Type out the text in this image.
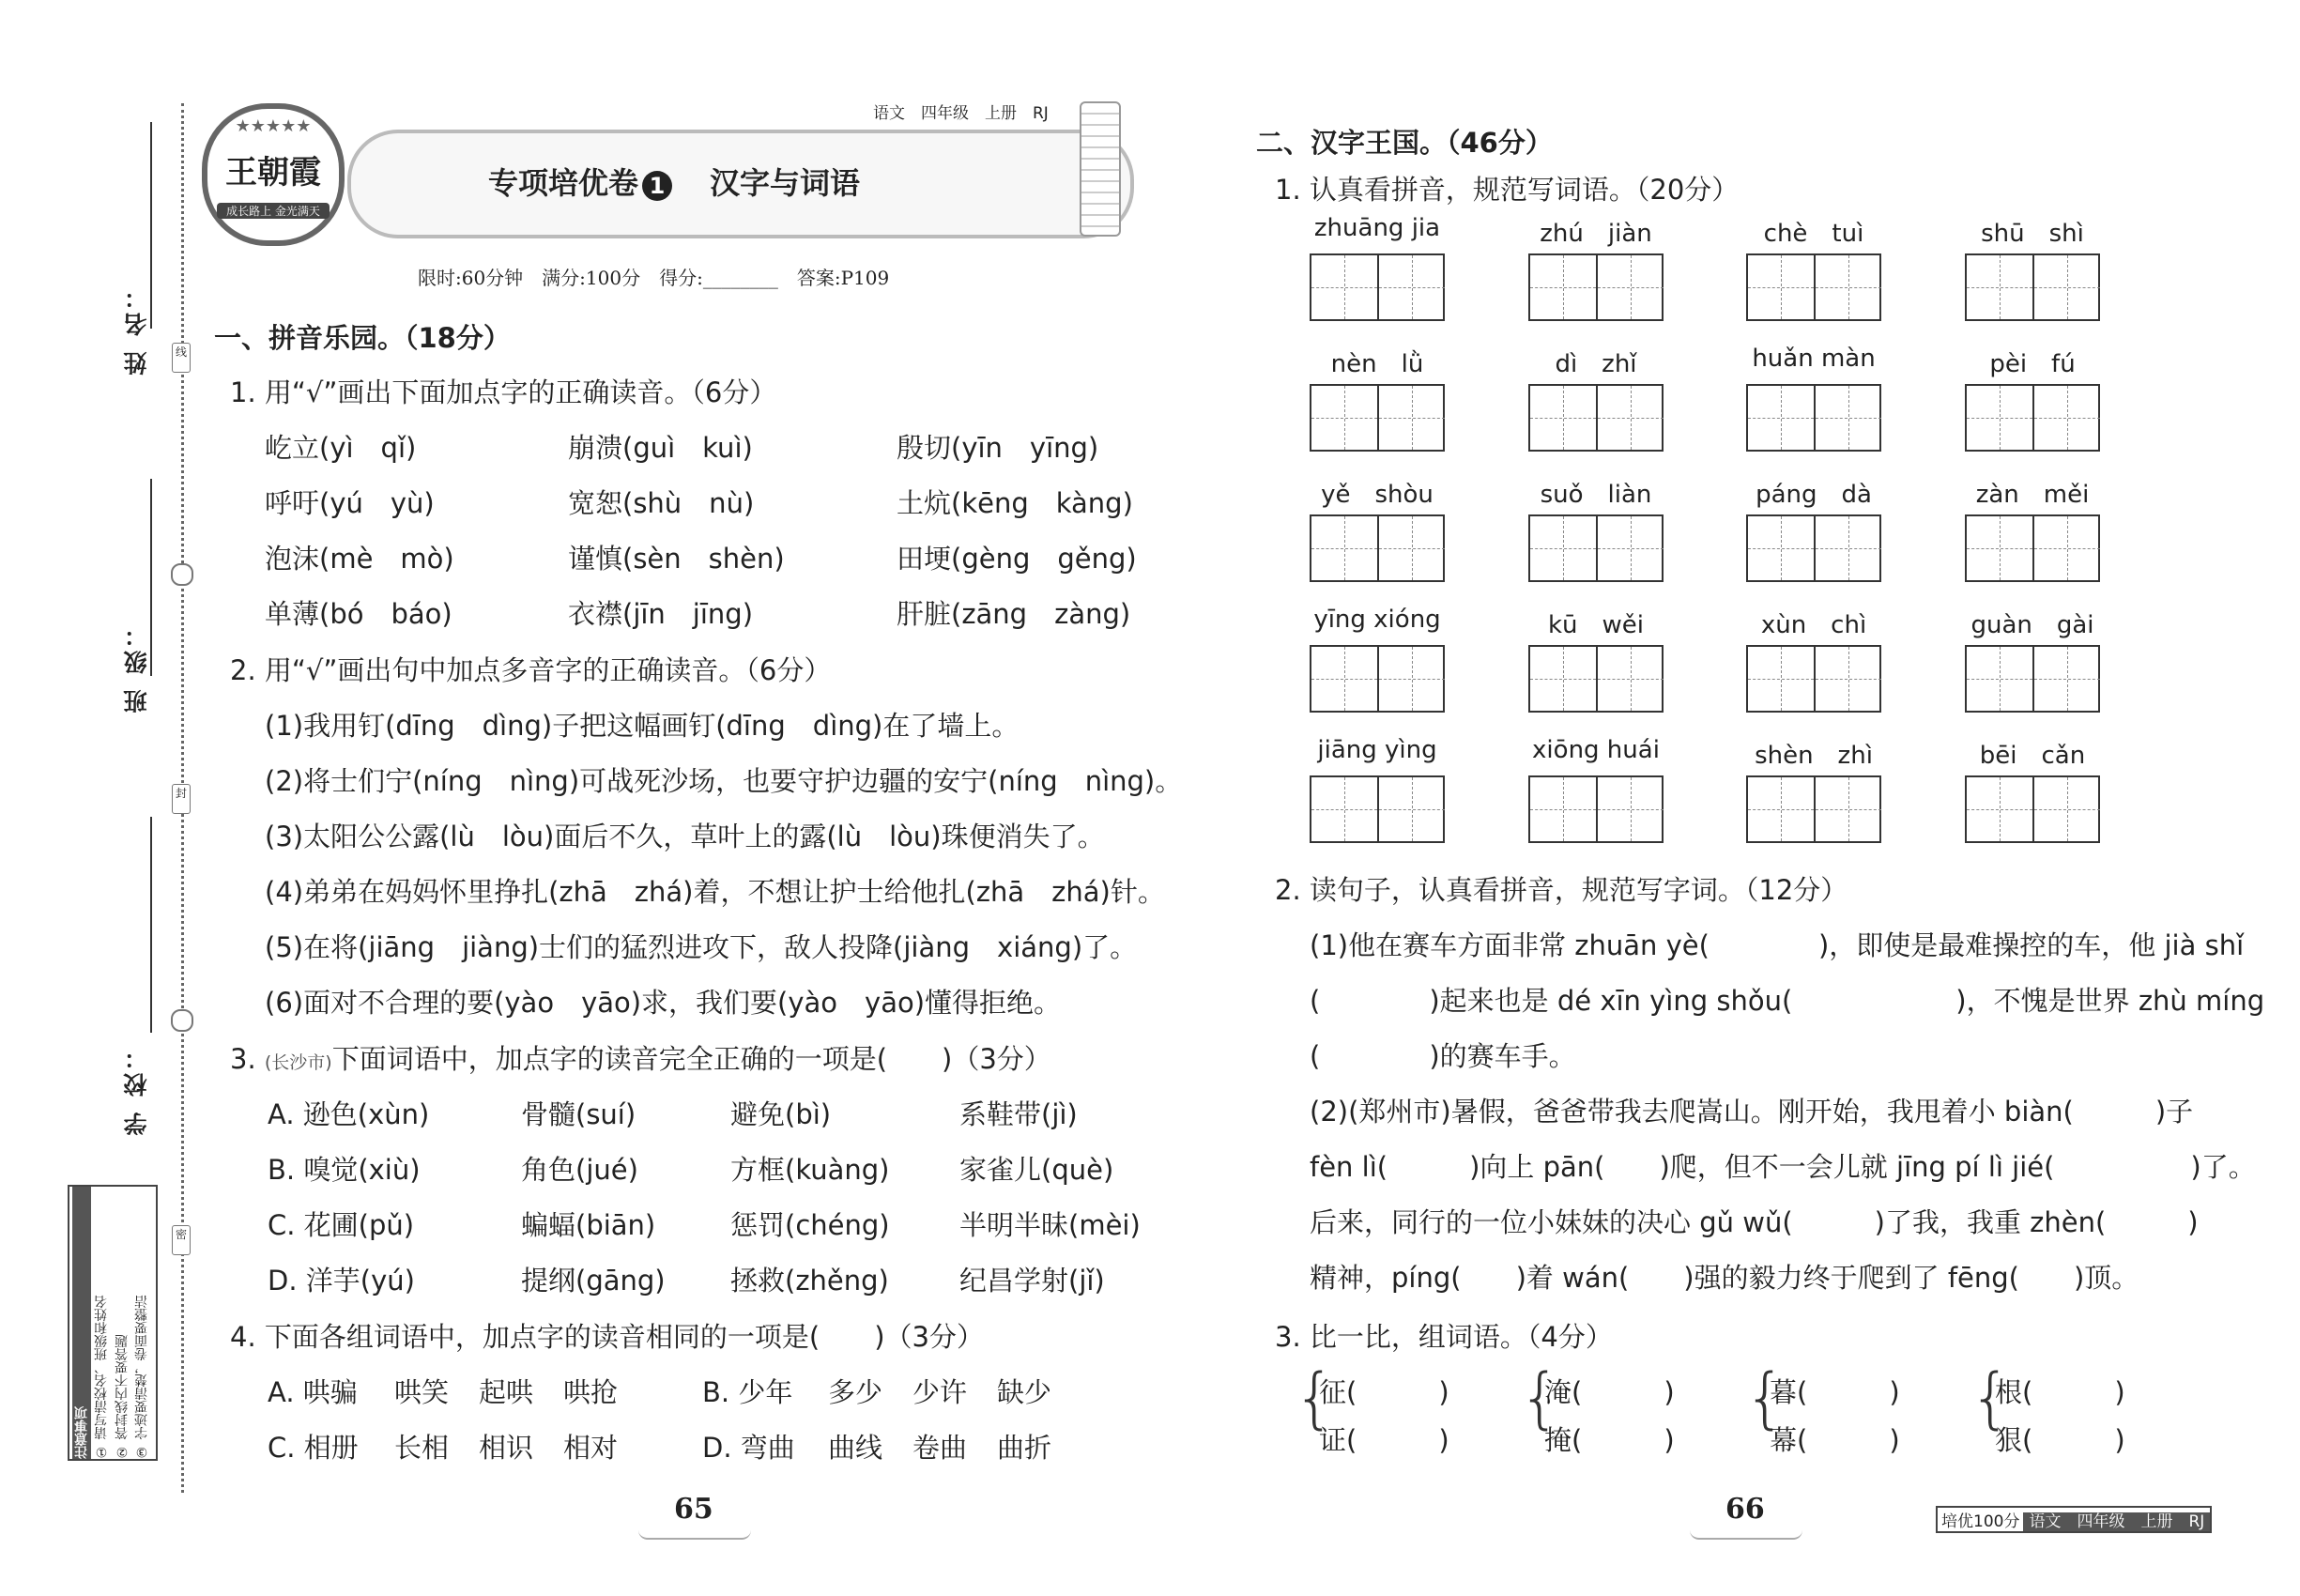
姓 名：
班 级：
学 校：
线
封
密
③ 字迹要清楚，卷面要整洁
② 答封线内不要答题
① 请写清校名、班级和姓名
注意事项
★★★★★
王朝霞
成长路上 金光满天
语文　四年级　上册　RJ
专项培优卷 1 汉字与词语
限时:60分钟　满分:100分　得分:________　答案:P109
一、拼音乐园。（18分）
1. 用“√”画出下面加点字的正确读音。（6分）
屹立(yì　qǐ)	崩溃(guì　kuì)	殷切(yīn　yīng)
呼吁(yú　yù)	宽恕(shù　nù)	土炕(kēng　kàng)
泡沫(mè　mò)	谨慎(sèn　shèn)	田埂(gèng　gěng)
单薄(bó　báo)	衣襟(jīn　jīng)	肝脏(zāng　zàng)
2. 用“√”画出句中加点多音字的正确读音。（6分）
(1)我用钉(dīng　dìng)子把这幅画钉(dīng　dìng)在了墙上。
(2)将士们宁(níng　nìng)可战死沙场，也要守护边疆的安宁(níng　nìng)。
(3)太阳公公露(lù　lòu)面后不久，草叶上的露(lù　lòu)珠便消失了。
(4)弟弟在妈妈怀里挣扎(zhā　zhá)着，不想让护士给他扎(zhā　zhá)针。
(5)在将(jiāng　jiàng)士们的猛烈进攻下，敌人投降(jiàng　xiáng)了。
(6)面对不合理的要(yào　yāo)求，我们要(yào　yāo)懂得拒绝。
3. (长沙市)下面词语中，加点字的读音完全正确的一项是(　　)（3分）
A. 逊色(xùn)	骨髓(suí)	避免(bì)	系鞋带(jì)
B. 嗅觉(xiù)	角色(jué)	方框(kuàng)	家雀儿(què)
C. 花圃(pǔ)	蝙蝠(biān)	惩罚(chéng)	半明半昧(mèi)
D. 洋芋(yú)	提纲(gāng) 拯救(zhěng)	纪昌学射(jǐ)
4. 下面各组词语中，加点字的读音相同的一项是(　　)（3分）
A. 哄骗 哄笑 起哄 哄抢	B. 少年 多少 少许 缺少
C. 相册 长相 相识 相对	D. 弯曲 曲线 卷曲 曲折
65
二、汉字王国。（46分）
1. 认真看拼音，规范写词语。（20分）
zhuāng jia	zhú　jiàn	chè　tuì	shū　shì
nèn　lǜ	dì　zhǐ	huǎn màn	pèi　fú
yě　shòu	suǒ　liàn	páng　dà	zàn　měi
yīng xióng	kū　wěi	xùn　chì	guàn　gài
jiāng yìng	xiōng huái	shèn　zhì	bēi　cǎn
2. 读句子，认真看拼音，规范写字词。（12分）
(1)他在赛车方面非常 zhuān yè(　　　　)，即使是最难操控的车，他 jià shǐ
(　　　　)起来也是 dé xīn yìng shǒu(　　　　　　)，不愧是世界 zhù míng
(　　　　)的赛车手。
(2)(郑州市)暑假，爸爸带我去爬嵩山。刚开始，我甩着小 biàn(　　　)子
fèn lì(　　　)向上 pān(　　)爬，但不一会儿就 jīng pí lì jié(　　　　　)了。
后来，同行的一位小妹妹的决心 gǔ wǔ(　　　)了我，我重 zhèn(　　　)
精神，píng(　　)着 wán(　　)强的毅力终于爬到了 fēng(　　)顶。
3. 比一比，组词语。（4分）
{
征(　　　)
证(　　　)
{
淹(　　　)
掩(　　　)
{
暮(　　　)
幕(　　　)
{
根(　　　)
狠(　　　)
66	培优100分 语文　四年级　上册　RJ
